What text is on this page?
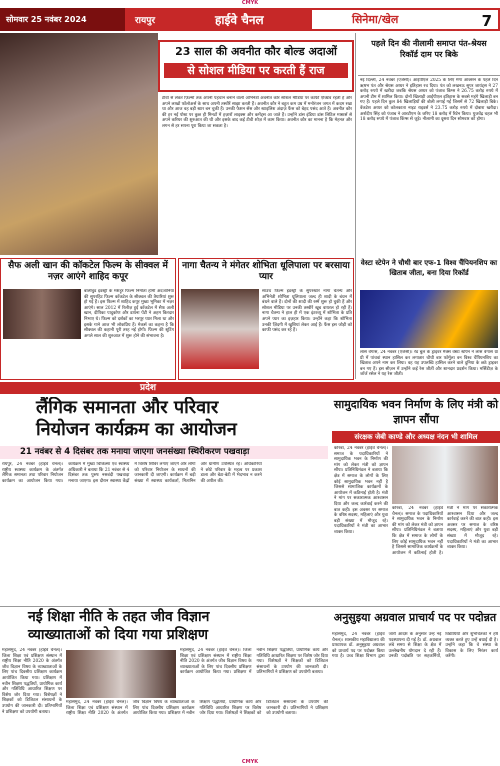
CMYK
सोमवार 25 नवंबर 2024	रायपुर	हाईवे चैनल	सिनेमा/खेल	7
23 साल की अवनीत कौर बोल्ड अदाओं
से सोशल मीडिया पर करती हैं राज
टीवी से लेकर फ़िल्मों तक अपनी पहचान बनाने वाली अभिनेत्री अवनीत कौर सोशल मीडिया पर काफी एक्टिव रहती हैं और अपने लाखों फॉलोअर्स के साथ अपनी तस्वीरें साझा करती हैं। अवनीत कौर ने बहुत कम उम्र में मनोरंजन जगत में कदम रखा था और आज वह बड़ी स्टार बन चुकी हैं। उनकी फैशन सेंस और स्टाइलिश अंदाज़ फैंस को बेहद पसंद आते हैं। अवनीत कौर की हर नई पोस्ट पर कुछ ही मिनटों में हज़ारों लाइक्स और कमेंट्स आ जाते हैं। उन्होंने डांस इंडिया डांस लिटिल मास्टर्स से अपने करियर की शुरुआत की थी और इसके बाद कई टीवी शोज़ में काम किया। अवनीत कौर का मानना है कि मेहनत और लगन से हर सपना पूरा किया जा सकता है।
पहले दिन की नीलामी समाप्त पंत-श्रेयस रिकॉर्ड दाम पर बिके
नई दिल्ली, 24 नवंबर (एजेंसी)। आईपीएल 2025 के लिए मेगा ऑक्शन के पहले दिन ऋषभ पंत और श्रेयस अय्यर ने इतिहास रच दिया। पंत को लखनऊ सुपर जायंट्स ने 27 करोड़ रुपये में खरीदा जबकि श्रेयस अय्यर को पंजाब किंग्स ने 26.75 करोड़ रुपये में अपनी टीम में शामिल किया। दोनों खिलाड़ी आईपीएल इतिहास के सबसे महंगे खिलाड़ी बन गए हैं। पहले दिन कुल 84 खिलाड़ियों की बोली लगाई गई जिसमें से 72 खिलाड़ी बिके। वेंकटेश अय्यर को कोलकाता नाइट राइडर्स ने 23.75 करोड़ रुपये में दोबारा खरीदा। अर्शदीप सिंह को पंजाब ने आरटीएम के जरिए 18 करोड़ में रिटेन किया। युजवेंद्र चहल भी 18 करोड़ रुपये में पंजाब किंग्स से जुड़े। नीलामी का दूसरा दिन सोमवार को होगा।
वेस्टा स्टेपेन ने चौथी बार एफ-1 विश्व चैंपियनशिप का खिताब जीता, बना दिया रिकॉर्ड
लास वेगास, 24 नवंबर (एजेंसी)। रेड बुल के ड्राइवर मैक्स वेस्टा स्टेपेन ने लास वेगास ग्रां प्री में पांचवां स्थान हासिल कर लगातार चौथी बार फॉर्मूला वन विश्व चैंपियनशिप का खिताब अपने नाम कर लिया। वह यह उपलब्धि हासिल करने वाले दुनिया के छठे ड्राइवर बन गए हैं। इस सीज़न में उन्होंने कई रेस जीतीं और शानदार प्रदर्शन किया। मर्सिडीज़ के जॉर्ज रसेल ने यह रेस जीती।
सैफ अली खान की कॉकटेल फिल्म के सीक्वल में नज़र आएंगे शाहिद कपूर
बॉलीवुड इंडस्ट्री के मशहूर फिल्म निर्माता होमी अदजानिया की सुपरहिट फिल्म कॉकटेल के सीक्वल की तैयारियां शुरू हो गई हैं। इस फिल्म में शाहिद कपूर मुख्य भूमिका में नज़र आएंगे। साल 2012 में रिलीज़ हुई कॉकटेल में सैफ अली खान, दीपिका पादुकोण और डायना पेंटी ने अहम किरदार निभाए थे। फिल्म को दर्शकों का भरपूर प्यार मिला था और इसके गाने आज भी लोकप्रिय हैं। मेकर्स का कहना है कि सीक्वल की कहानी पूरी तरह नई होगी। फिल्म की शूटिंग अगले साल की शुरुआत में शुरू होने की संभावना है।
नागा चैतन्य ने मंगेतर शोभिता धूलिपाला पर बरसाया प्यार
साउथ फिल्म इंडस्ट्री के सुपरस्टार नागा चैतन्य और अभिनेत्री शोभिता धूलिपाला जल्द ही शादी के बंधन में बंधने वाले हैं। दोनों की शादी की रस्में शुरू हो चुकी हैं और सोशल मीडिया पर उनकी तस्वीरें खूब वायरल हो रही हैं। नागा चैतन्य ने हाल ही में एक इंटरव्यू में शोभिता के प्रति अपने प्यार का इज़हार किया। उन्होंने कहा कि शोभिता उनकी ज़िंदगी में खुशियां लेकर आई हैं। फैंस इस जोड़ी को काफी पसंद कर रहे हैं।
प्रदेश
लैंगिक समानता और परिवार
नियोजन कार्यक्रम का आयोजन
21 नवंबर से 4 दिसंबर तक मनाया जाएगा जनसंख्या स्थिरीकरण पखवाड़ा
रायपुर, 24 नवंबर (हाईवे चैनल)। राष्ट्रीय स्वास्थ्य कार्यक्रम के अंतर्गत लैंगिक समानता तथा परिवार नियोजन कार्यक्रम का आयोजन किया गया। कार्यक्रम में मुख्य चिकित्सा एवं स्वास्थ्य अधिकारी ने बताया कि 21 नवंबर से 4 दिसंबर तक पुरुष नसबंदी पखवाड़ा मनाया जाएगा। इस दौरान स्वास्थ्य केंद्रों में विशेष शिविर लगाए जाएंगे और लोगों को परिवार नियोजन के साधनों की जानकारी दी जाएगी। कार्यक्रम में बड़ी संख्या में स्वास्थ्य कार्यकर्ता, मितानिन और ग्रामीण उपस्थित रहे। अधिकारियों ने छोटे परिवार के महत्व पर प्रकाश डाला और बेटा-बेटी में भेदभाव न करने की अपील की।
सामुदायिक भवन निर्माण के लिए मंत्री को ज्ञापन सौंपा
संरक्षक जेबी काण्डे और अध्यक्ष नंदन भी शामिल
कोरबा, 24 नवंबर (हाईवे चैनल)। समाज के पदाधिकारियों ने सामुदायिक भवन के निर्माण की मांग को लेकर मंत्री को ज्ञापन सौंपा। प्रतिनिधिमंडल ने बताया कि क्षेत्र में समाज के लोगों के लिए कोई सामुदायिक भवन नहीं है जिससे सामाजिक कार्यक्रमों के आयोजन में कठिनाई होती है। मंत्री ने मांग पर सकारात्मक आश्वासन दिया और जल्द कार्रवाई करने की बात कही। इस अवसर पर समाज के वरिष्ठ सदस्य, महिलाएं और युवा बड़ी संख्या में मौजूद रहे। पदाधिकारियों ने मंत्री का आभार व्यक्त किया।
कोरबा, 24 नवंबर (हाईवे चैनल)। समाज के पदाधिकारियों ने सामुदायिक भवन के निर्माण की मांग को लेकर मंत्री को ज्ञापन सौंपा। प्रतिनिधिमंडल ने बताया कि क्षेत्र में समाज के लोगों के लिए कोई सामुदायिक भवन नहीं है जिससे सामाजिक कार्यक्रमों के आयोजन में कठिनाई होती है। मंत्री ने मांग पर सकारात्मक आश्वासन दिया और जल्द कार्रवाई करने की बात कही। इस अवसर पर समाज के वरिष्ठ सदस्य, महिलाएं और युवा बड़ी संख्या में मौजूद रहे। पदाधिकारियों ने मंत्री का आभार व्यक्त किया।
नई शिक्षा नीति के तहत जीव विज्ञान
व्याख्याताओं को दिया गया प्रशिक्षण
महासमुंद, 24 नवंबर (हाईवे चैनल)। जिला शिक्षा एवं प्रशिक्षण संस्थान में राष्ट्रीय शिक्षा नीति 2020 के अंतर्गत जीव विज्ञान विषय के व्याख्याताओं के लिए पांच दिवसीय प्रशिक्षण कार्यक्रम आयोजित किया गया। प्रशिक्षण में नवीन शिक्षण पद्धतियों, प्रायोगिक कार्य और गतिविधि आधारित शिक्षण पर विशेष जोर दिया गया। विशेषज्ञों ने शिक्षकों को डिजिटल संसाधनों के उपयोग की जानकारी दी। प्रतिभागियों ने प्रशिक्षण को उपयोगी बताया।
महासमुंद, 24 नवंबर (हाईवे चैनल)। जिला शिक्षा एवं प्रशिक्षण संस्थान में राष्ट्रीय शिक्षा नीति 2020 के अंतर्गत जीव विज्ञान विषय के व्याख्याताओं के लिए पांच दिवसीय प्रशिक्षण कार्यक्रम आयोजित किया गया। प्रशिक्षण में नवीन शिक्षण पद्धतियों, प्रायोगिक कार्य और गतिविधि आधारित शिक्षण पर विशेष जोर दिया गया। विशेषज्ञों ने शिक्षकों को डिजिटल संसाधनों के उपयोग की जानकारी दी। प्रतिभागियों ने प्रशिक्षण को उपयोगी बताया।
महासमुंद, 24 नवंबर (हाईवे चैनल)। जिला शिक्षा एवं प्रशिक्षण संस्थान में राष्ट्रीय शिक्षा नीति 2020 के अंतर्गत जीव विज्ञान विषय के व्याख्याताओं के लिए पांच दिवसीय प्रशिक्षण कार्यक्रम आयोजित किया गया। प्रशिक्षण में नवीन शिक्षण पद्धतियों, प्रायोगिक कार्य और गतिविधि आधारित शिक्षण पर विशेष जोर दिया गया। विशेषज्ञों ने शिक्षकों को डिजिटल संसाधनों के उपयोग की जानकारी दी। प्रतिभागियों ने प्रशिक्षण को उपयोगी बताया।
अनुसुइया अग्रवाल प्राचार्य पद पर पदोन्नत
महासमुंद, 24 नवंबर (हाईवे चैनल)। शासकीय महाविद्यालय की प्राध्यापक डॉ. अनुसुइया अग्रवाल को प्राचार्य पद पर पदोन्नत किया गया है। उच्च शिक्षा विभाग द्वारा जारी आदेश के अनुसार उन्हें नई पदस्थापना दी गई है। डॉ. अग्रवाल लंबे समय से शिक्षा के क्षेत्र में उल्लेखनीय योगदान दे रही हैं। उनकी पदोन्नति पर सहकर्मियों, विद्यार्थियों और शुभचिंतकों ने हर्ष व्यक्त करते हुए उन्हें बधाई दी है। उन्होंने कहा कि वे संस्था के विकास के लिए निरंतर कार्य करेंगी।
CMYK
